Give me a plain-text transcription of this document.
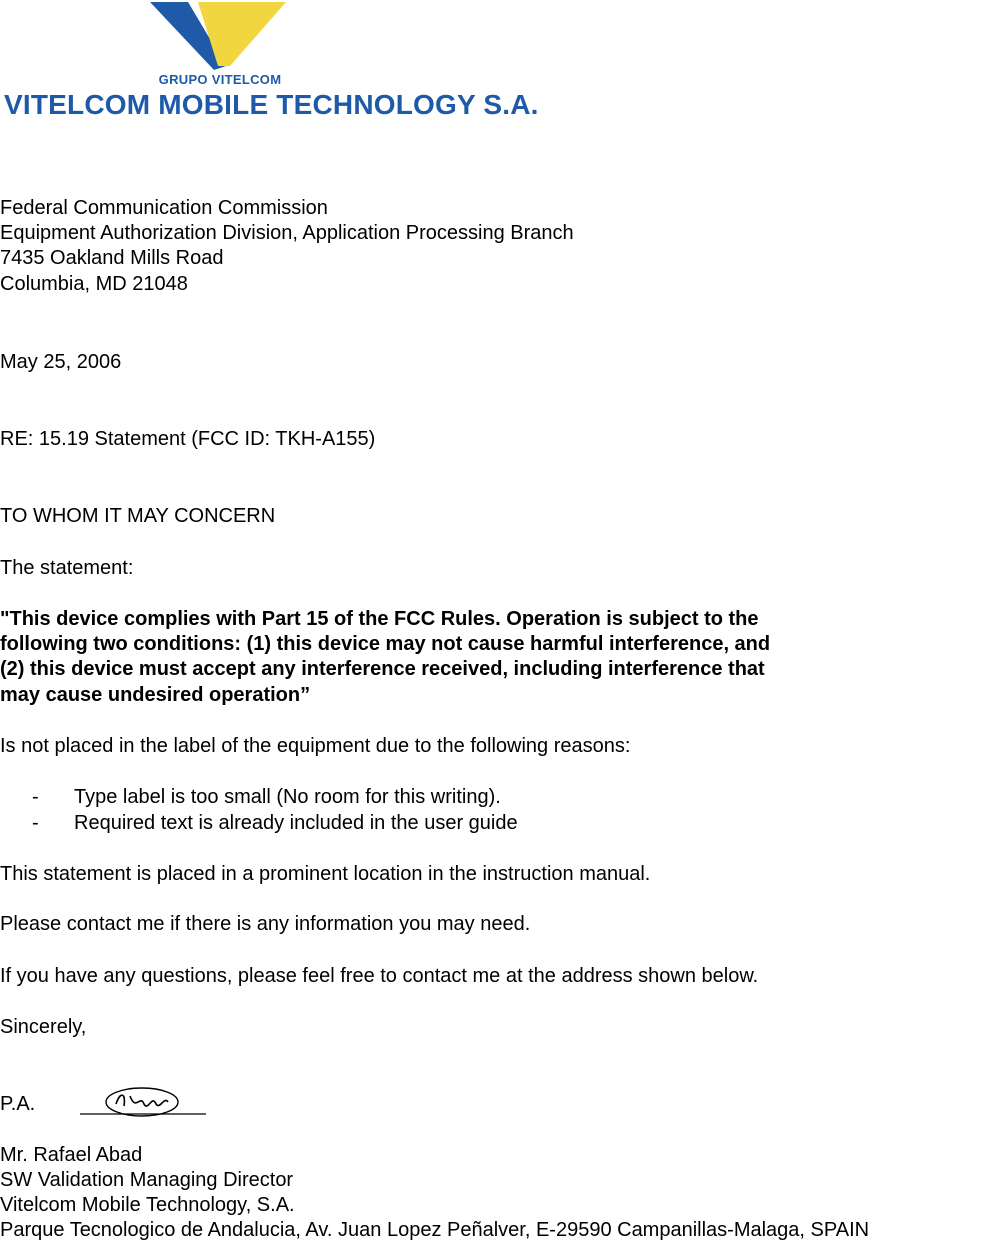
GRUPO VITELCOM
VITELCOM MOBILE TECHNOLOGY S.A.
Federal Communication Commission
Equipment Authorization Division, Application Processing Branch
7435 Oakland Mills Road
Columbia, MD 21048
May 25, 2006
RE: 15.19 Statement (FCC ID: TKH-A155)
TO WHOM IT MAY CONCERN
The statement:
"This device complies with Part 15 of the FCC Rules. Operation is subject to the
following two conditions: (1) this device may not cause harmful interference, and
(2) this device must accept any interference received, including interference that
may cause undesired operation”
Is not placed in the label of the equipment due to the following reasons:
- Type label is too small (No room for this writing).
- Required text is already included in the user guide
This statement is placed in a prominent location in the instruction manual.
Please contact me if there is any information you may need.
If you have any questions, please feel free to contact me at the address shown below.
Sincerely,
P.A.
Mr. Rafael Abad
SW Validation Managing Director
Vitelcom Mobile Technology, S.A.
Parque Tecnologico de Andalucia, Av. Juan Lopez Peñalver, E-29590 Campanillas-Malaga, SPAIN
